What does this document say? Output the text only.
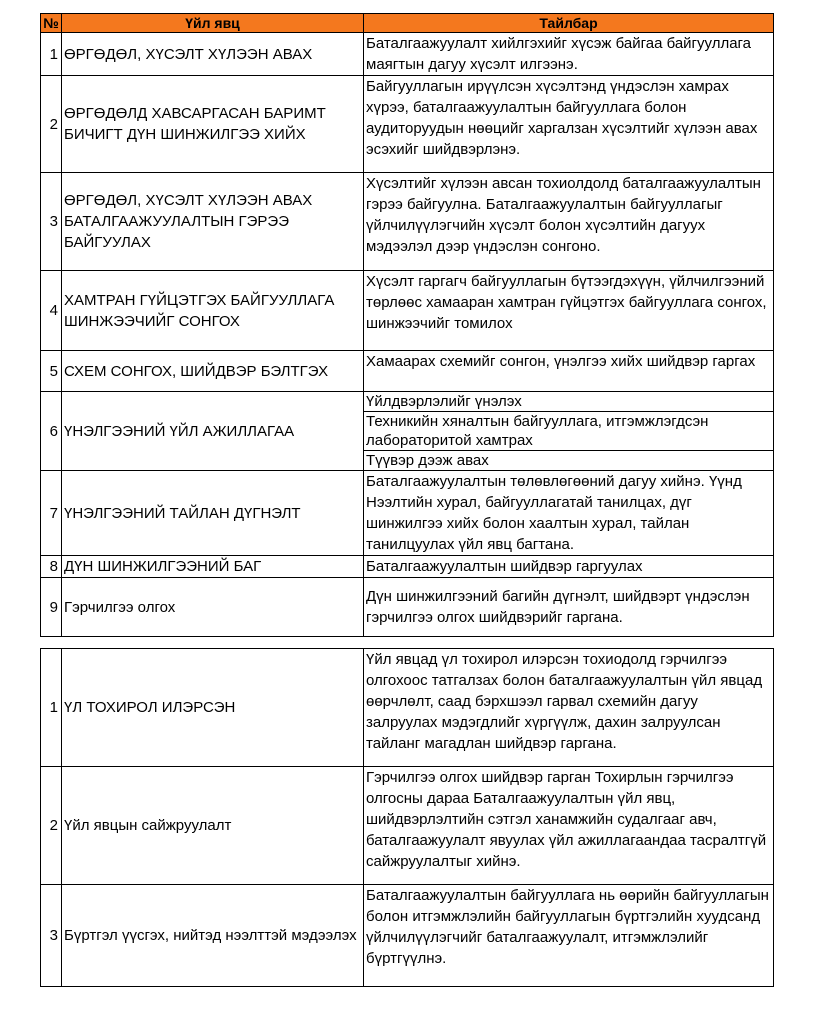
№	Үйл явц	Тайлбар
1	ӨРГӨДӨЛ, ХҮСЭЛТ ХҮЛЭЭН АВАХ	Баталгаажуулалт хийлгэхийг хүсэж байгаа байгууллага маягтын дагуу хүсэлт илгээнэ.
2	ӨРГӨДӨЛД ХАВСАРГАСАН БАРИМТ БИЧИГТ ДҮН ШИНЖИЛГЭЭ ХИЙХ	Байгууллагын ирүүлсэн хүсэлтэнд үндэслэн хамрах хүрээ, баталгаажуулалтын байгууллага болон аудиторуудын нөөцийг харгалзан хүсэлтийг хүлээн авах эсэхийг шийдвэрлэнэ.
3	ӨРГӨДӨЛ, ХҮСЭЛТ ХҮЛЭЭН АВАХ БАТАЛГААЖУУЛАЛТЫН ГЭРЭЭ БАЙГУУЛАХ	Хүсэлтийг хүлээн авсан тохиолдолд баталгаажуулалтын гэрээ байгуулна. Баталгаажуулалтын байгууллагыг үйлчилүүлэгчийн хүсэлт болон хүсэлтийн дагуух мэдээлэл дээр үндэслэн сонгоно.
4	ХАМТРАН ГҮЙЦЭТГЭХ БАЙГУУЛЛАГА ШИНЖЭЭЧИЙГ СОНГОХ	Хүсэлт гаргагч байгууллагын бүтээгдэхүүн, үйлчилгээний төрлөөс хамааран хамтран гүйцэтгэх байгууллага сонгох, шинжээчийг томилох
5	СХЕМ СОНГОХ, ШИЙДВЭР БЭЛТГЭХ	Хамаарах схемийг сонгон, үнэлгээ хийх шийдвэр гаргах
6	ҮНЭЛГЭЭНИЙ ҮЙЛ АЖИЛЛАГАА	Үйлдвэрлэлийг үнэлэх
Техникийн хяналтын байгууллага, итгэмжлэгдсэн лабораторитой хамтрах
Түүвэр дээж авах

7	ҮНЭЛГЭЭНИЙ ТАЙЛАН ДҮГНЭЛТ	Баталгаажуулалтын төлөвлөгөөний дагуу хийнэ. Үүнд Нээлтийн хурал, байгууллагатай танилцах, дүг шинжилгээ хийх болон хаалтын хурал, тайлан танилцуулах үйл явц багтана.
8	ДҮН ШИНЖИЛГЭЭНИЙ БАГ	Баталгаажуулалтын шийдвэр гаргуулах
9	Гэрчилгээ олгох	Дүн шинжилгээний багийн дүгнэлт, шийдвэрт үндэслэн гэрчилгээ олгох шийдвэрийг гаргана.
1	ҮЛ ТОХИРОЛ ИЛЭРСЭН	Үйл явцад үл тохирол илэрсэн тохиодолд гэрчилгээ олгохоос татгалзах болон баталгаажуулалтын үйл явцад өөрчлөлт, саад бэрхшээл гарвал схемийн дагуу залруулах мэдэгдлийг хүргүүлж, дахин залруулсан тайланг магадлан шийдвэр гаргана.
2	Үйл явцын сайжруулалт	Гэрчилгээ олгох шийдвэр гарган Тохирлын гэрчилгээ олгосны дараа Баталгаажуулалтын үйл явц, шийдвэрлэлтийн сэтгэл ханамжийн судалгааг авч, баталгаажуулалт явуулах үйл ажиллагаандаа тасралтгүй сайжруулалтыг хийнэ.
3	Бүртгэл үүсгэх, нийтэд нээлттэй мэдээлэх	Баталгаажуулалтын байгууллага нь өөрийн байгууллагын болон итгэмжлэлийн байгууллагын бүртгэлийн хуудсанд үйлчилүүлэгчийг баталгаажуулалт, итгэмжлэлийг бүртгүүлнэ.
